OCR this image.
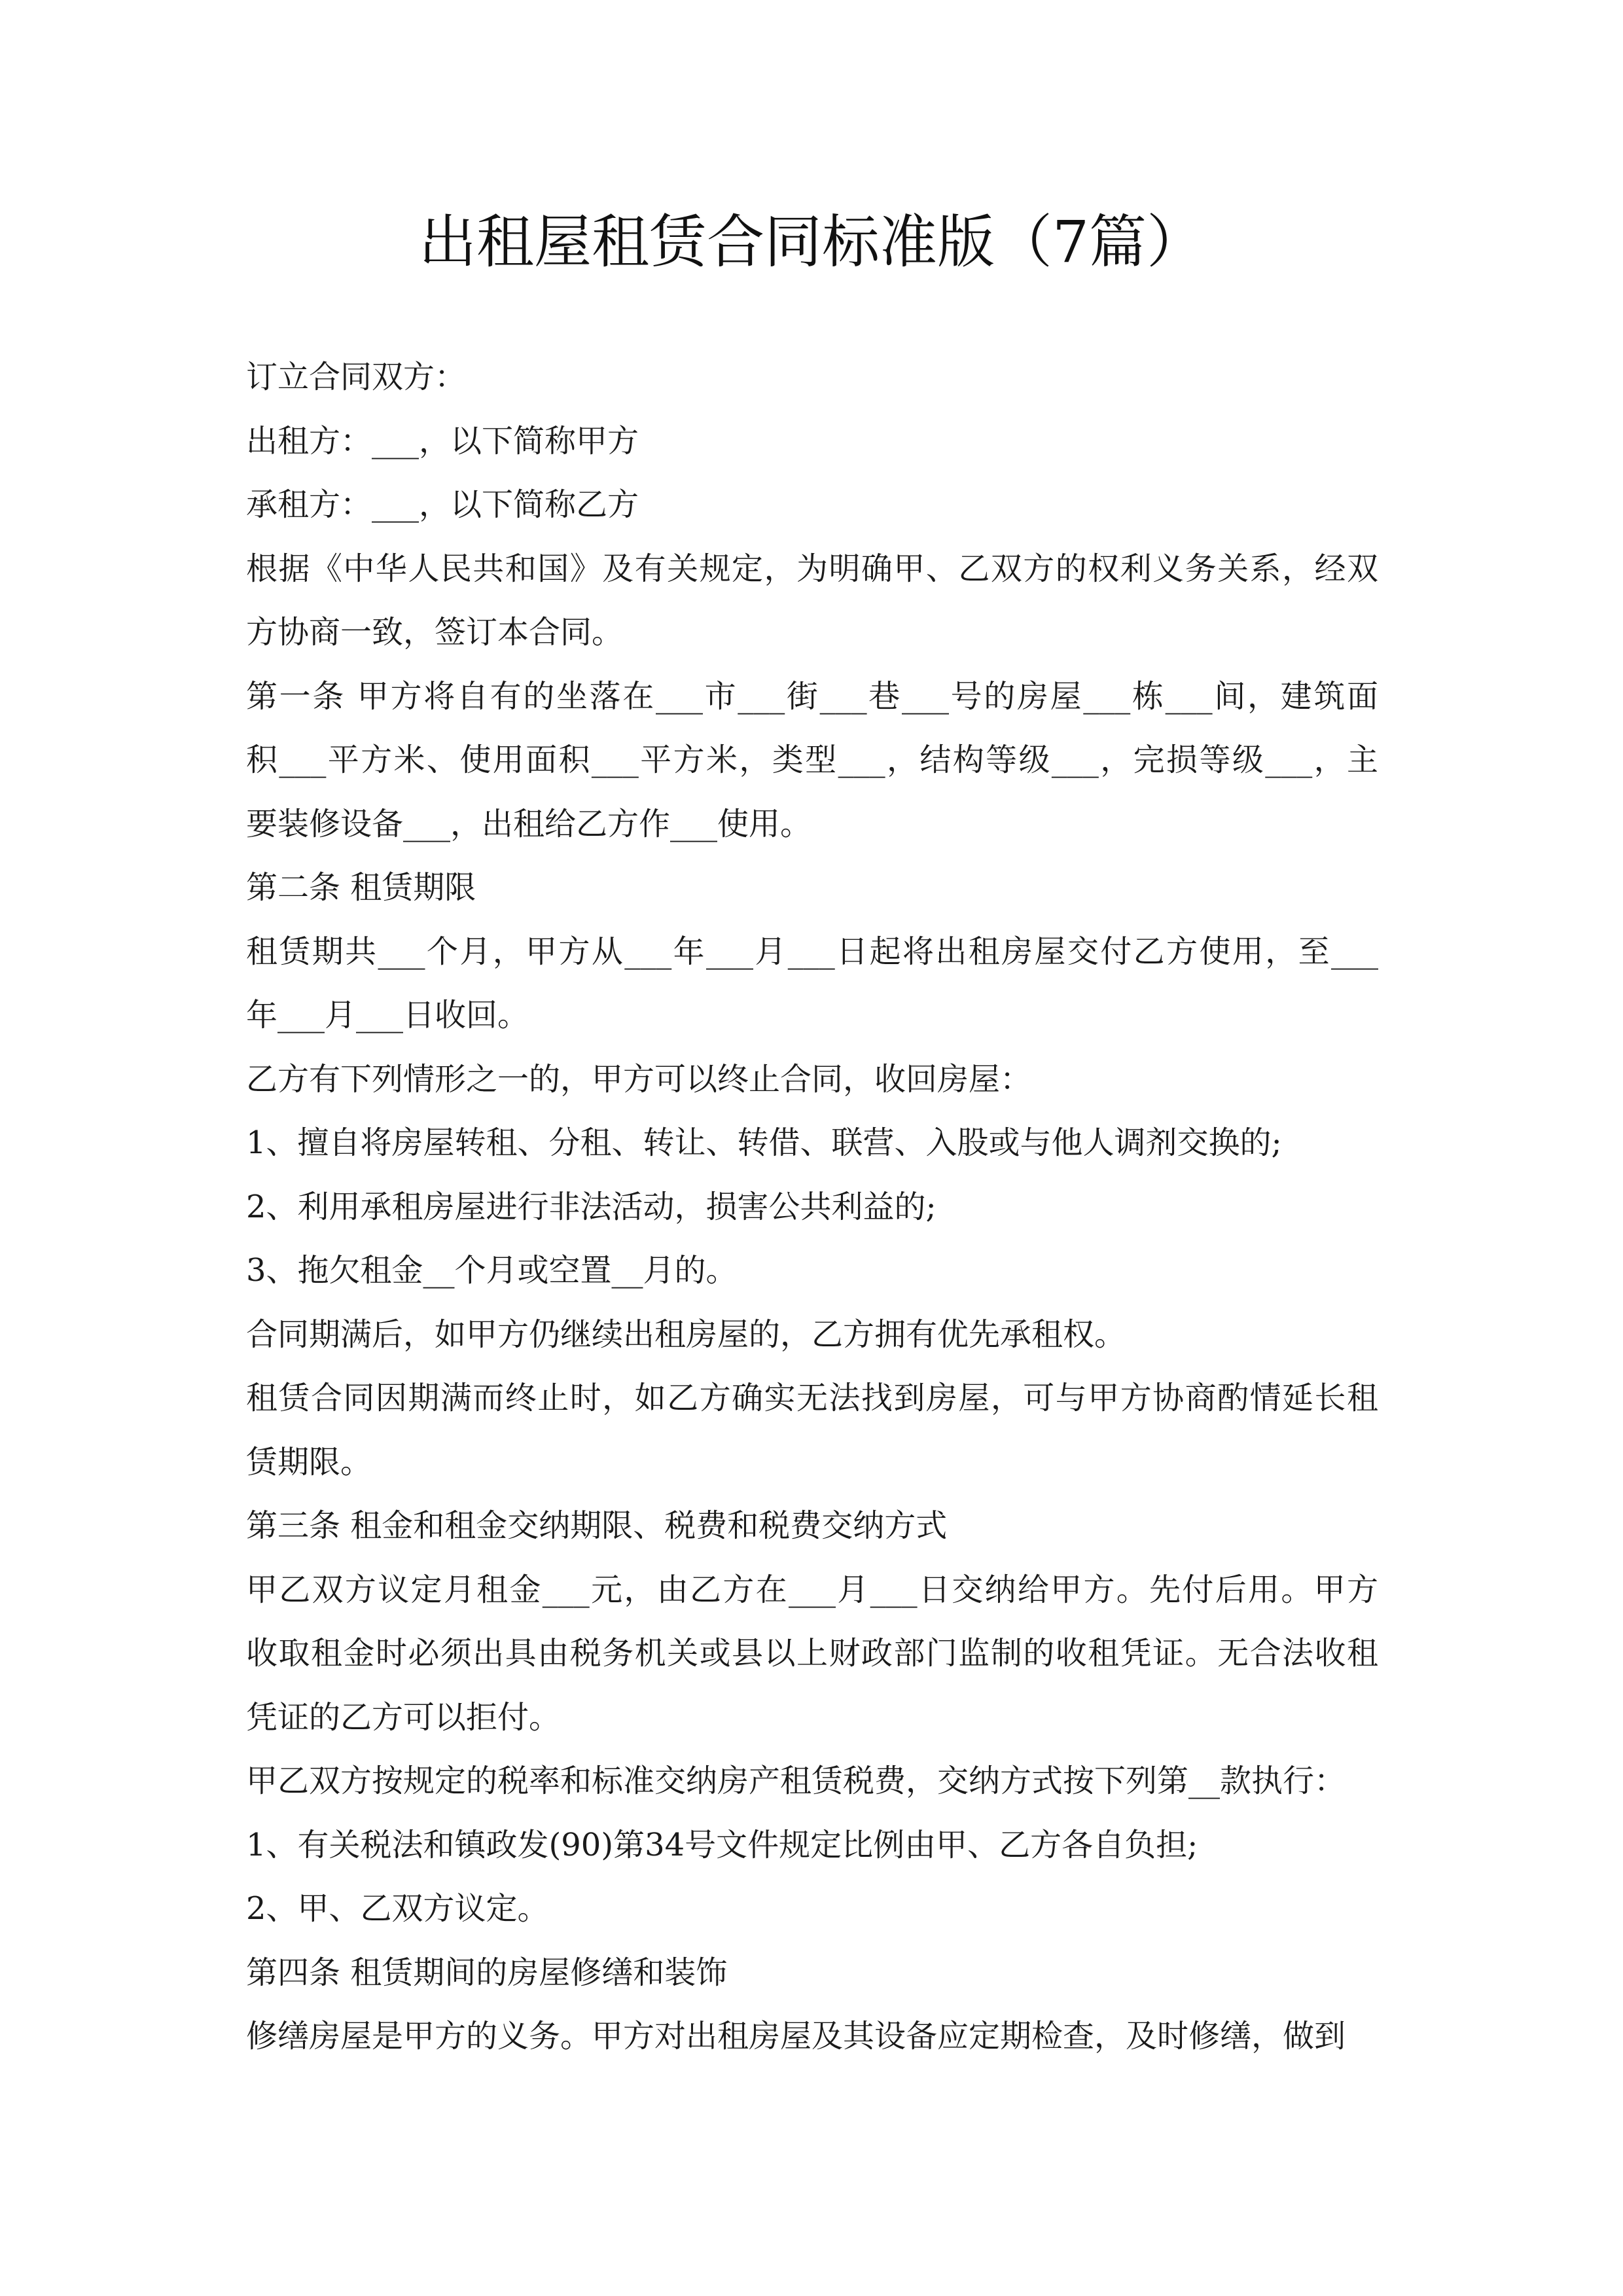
出租屋租赁合同标准版（7篇）
订立合同双方：
出租方：___，以下简称甲方
承租方：___，以下简称乙方
根据《中华人民共和国》及有关规定，为明确甲、乙双方的权利义务关系，经双
方协商一致，签订本合同。
第一条 甲方将自有的坐落在___市___街___巷___号的房屋___栋___间，建筑面
积___平方米、使用面积___平方米，类型___，结构等级___，完损等级___，主
要装修设备___，出租给乙方作___使用。
第二条 租赁期限
租赁期共___个月，甲方从___年___月___日起将出租房屋交付乙方使用，至___
年___月___日收回。
乙方有下列情形之一的，甲方可以终止合同，收回房屋：
1、擅自将房屋转租、分租、转让、转借、联营、入股或与他人调剂交换的;
2、利用承租房屋进行非法活动，损害公共利益的;
3、拖欠租金__个月或空置__月的。
合同期满后，如甲方仍继续出租房屋的，乙方拥有优先承租权。
租赁合同因期满而终止时，如乙方确实无法找到房屋，可与甲方协商酌情延长租
赁期限。
第三条 租金和租金交纳期限、税费和税费交纳方式
甲乙双方议定月租金___元，由乙方在___月___日交纳给甲方。先付后用。甲方
收取租金时必须出具由税务机关或县以上财政部门监制的收租凭证。无合法收租
凭证的乙方可以拒付。
甲乙双方按规定的税率和标准交纳房产租赁税费，交纳方式按下列第__款执行：
1、有关税法和镇政发(90)第34号文件规定比例由甲、乙方各自负担;
2、甲、乙双方议定。
第四条 租赁期间的房屋修缮和装饰
修缮房屋是甲方的义务。甲方对出租房屋及其设备应定期检查，及时修缮，做到
